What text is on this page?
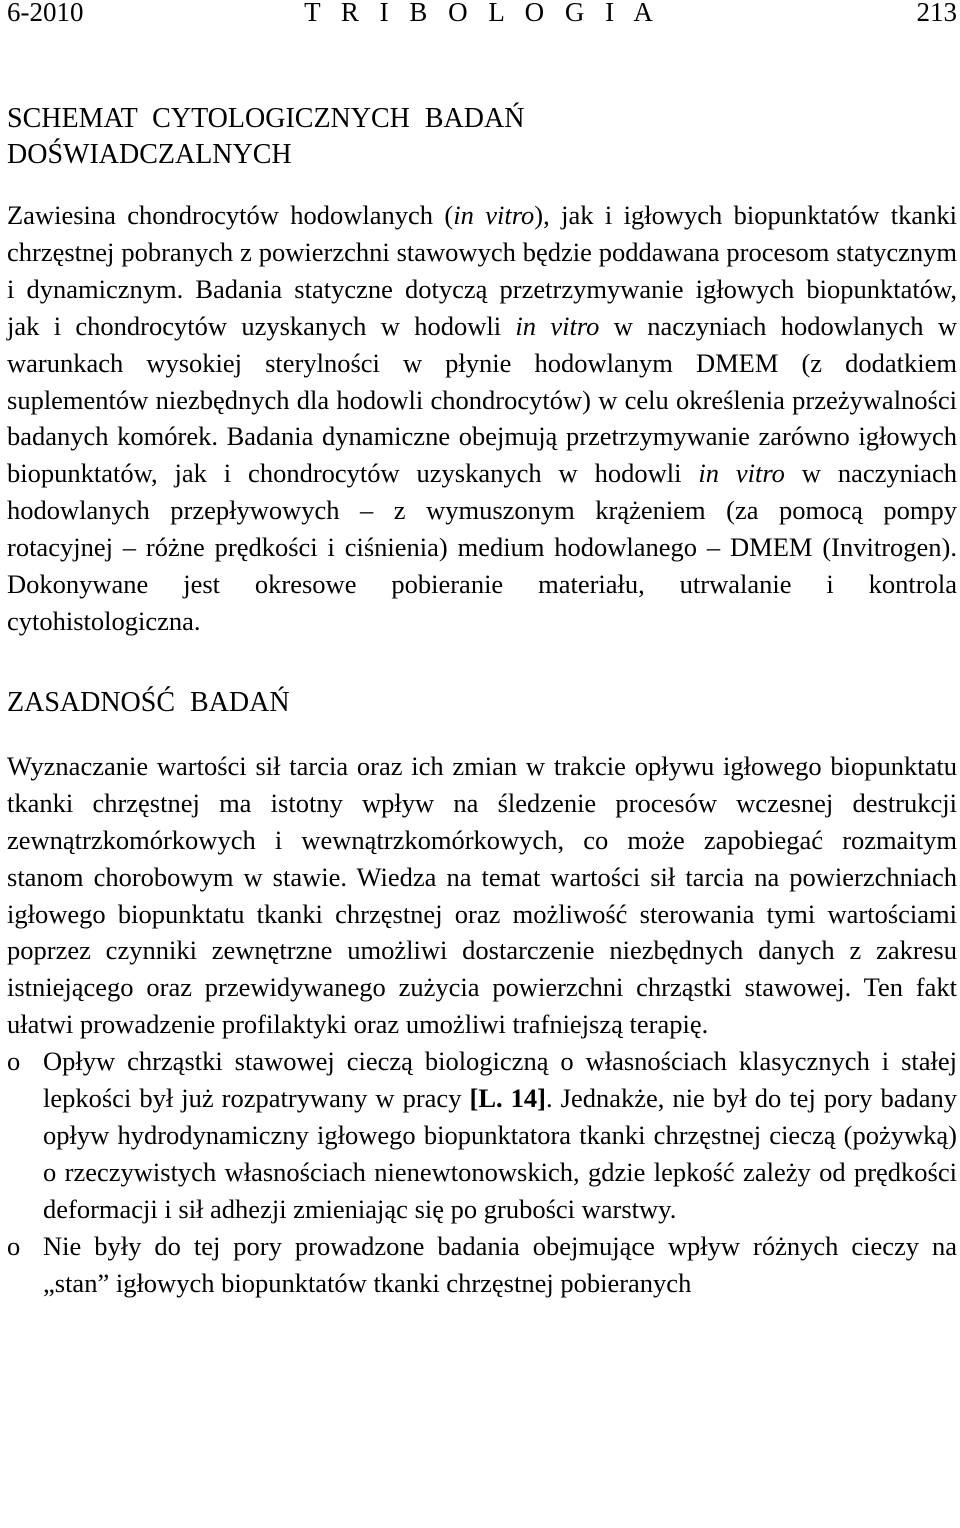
6-2010	T R I B O L O G I A	213
SCHEMAT CYTOLOGICZNYCH BADAŃ
DOŚWIADCZALNYCH

Zawiesina chondrocytów hodowlanych (in vitro), jak i igłowych biopunktatów tkanki chrzęstnej pobranych z powierzchni stawowych będzie poddawana procesom statycznym i dynamicznym. Badania statyczne dotyczą przetrzymywanie igłowych biopunktatów, jak i chondrocytów uzyskanych w hodowli in vitro w naczyniach hodowlanych w warunkach wysokiej sterylności w płynie hodowlanym DMEM (z dodatkiem suplementów niezbędnych dla hodowli chondrocytów) w celu określenia przeżywalności badanych komórek. Badania dynamiczne obejmują przetrzymywanie zarówno igłowych biopunktatów, jak i chondrocytów uzyskanych w hodowli in vitro w naczyniach hodowlanych przepływowych – z wymuszonym krążeniem (za pomocą pompy rotacyjnej – różne prędkości i ciśnienia) medium hodowlanego – DMEM (Invitrogen). Dokonywane jest okresowe pobieranie materiału, utrwalanie i kontrola cytohistologiczna.

ZASADNOŚĆ BADAŃ

Wyznaczanie wartości sił tarcia oraz ich zmian w trakcie opływu igłowego biopunktatu tkanki chrzęstnej ma istotny wpływ na śledzenie procesów wczesnej destrukcji zewnątrzkomórkowych i wewnątrzkomórkowych, co może zapobiegać rozmaitym stanom chorobowym w stawie. Wiedza na temat wartości sił tarcia na powierzchniach igłowego biopunktatu tkanki chrzęstnej oraz możliwość sterowania tymi wartościami poprzez czynniki zewnętrzne umożliwi dostarczenie niezbędnych danych z zakresu istniejącego oraz przewidywanego zużycia powierzchni chrząstki stawowej. Ten fakt ułatwi prowadzenie profilaktyki oraz umożliwi trafniejszą terapię.

o Opływ chrząstki stawowej cieczą biologiczną o własnościach klasycznych i stałej lepkości był już rozpatrywany w pracy [L. 14]. Jednakże, nie był do tej pory badany opływ hydrodynamiczny igłowego biopunktatora tkanki chrzęstnej cieczą (pożywką) o rzeczywistych własnościach nienewtonowskich, gdzie lepkość zależy od prędkości deformacji i sił adhezji zmieniając się po grubości warstwy.
o Nie były do tej pory prowadzone badania obejmujące wpływ różnych cieczy na „stan” igłowych biopunktatów tkanki chrzęstnej pobieranych
